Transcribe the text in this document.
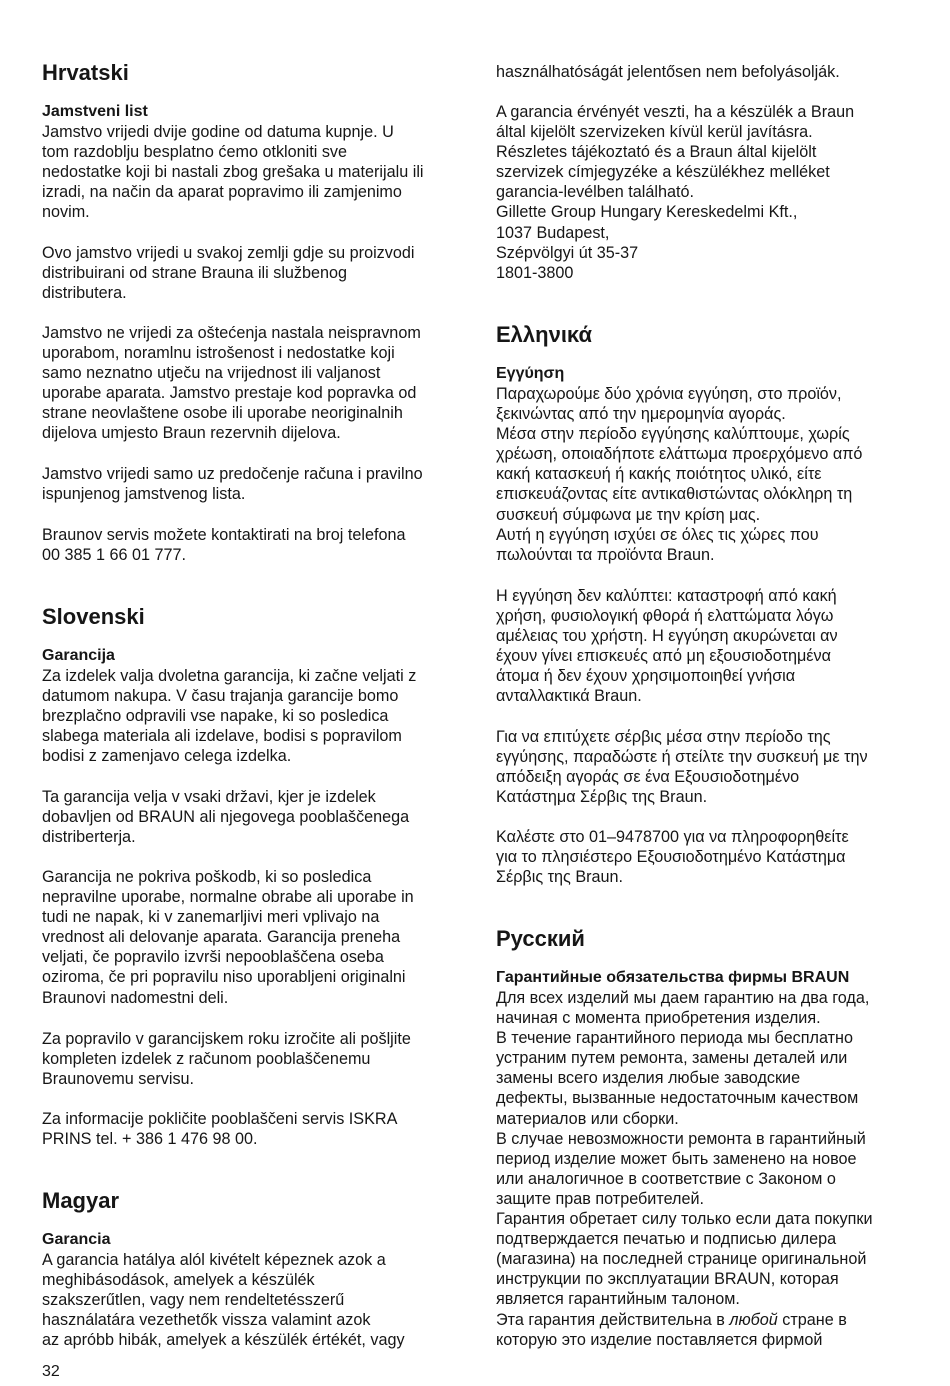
Hrvatski
Jamstveni list

Jamstvo vrijedi dvije godine od datuma kupnje. U
tom razdoblju besplatno ćemo otkloniti sve
nedostatke koji bi nastali zbog grešaka u materijalu ili
izradi, na način da aparat popravimo ili zamjenimo
novim.

Ovo jamstvo vrijedi u svakoj zemlji gdje su proizvodi
distribuirani od strane Brauna ili službenog
distributera.

Jamstvo ne vrijedi za oštećenja nastala neispravnom
uporabom, noramlnu istrošenost i nedostatke koji
samo neznatno utječu na vrijednost ili valjanost
uporabe aparata. Jamstvo prestaje kod popravka od
strane neovlaštene osobe ili uporabe neoriginalnih
dijelova umjesto Braun rezervnih dijelova.

Jamstvo vrijedi samo uz predočenje računa i pravilno
ispunjenog jamstvenog lista.

Braunov servis možete kontaktirati na broj telefona
00 385 1 66 01 777.

Slovenski
Garancija

Za izdelek valja dvoletna garancija, ki začne veljati z
datumom nakupa. V času trajanja garancije bomo
brezplačno odpravili vse napake, ki so posledica
slabega materiala ali izdelave, bodisi s popravilom
bodisi z zamenjavo celega izdelka.

Ta garancija velja v vsaki državi, kjer je izdelek
dobavljen od BRAUN ali njegovega pooblaščenega
distriberterja.

Garancija ne pokriva poškodb, ki so posledica
nepravilne uporabe, normalne obrabe ali uporabe in
tudi ne napak, ki v zanemarljivi meri vplivajo na
vrednost ali delovanje aparata. Garancija preneha
veljati, če popravilo izvrši nepooblaščena oseba
oziroma, če pri popravilu niso uporabljeni originalni
Braunovi nadomestni deli.

Za popravilo v garancijskem roku izročite ali pošljite
kompleten izdelek z računom pooblaščenemu
Braunovemu servisu.

Za informacije pokličite pooblaščeni servis ISKRA
PRINS tel. + 386 1 476 98 00.

Magyar
Garancia

A garancia hatálya alól kivételt képeznek azok a
meghibásodások, amelyek a készülék
szakszerűtlen, vagy nem rendeltetésszerű
használatára vezethetők vissza valamint azok
az apróbb hibák, amelyek a készülék értékét, vagy

használhatóságát jelentősen nem befolyásolják.

A garancia érvényét veszti, ha a készülék a Braun
által kijelölt szervizeken kívül kerül javításra.
Részletes tájékoztató és a Braun által kijelölt
szervizek címjegyzéke a készülékhez melléket
garancia-levélben található.
Gillette Group Hungary Kereskedelmi Kft.,
1037 Budapest,
Szépvölgyi út 35-37
1801-3800

Ελληνικά
Εγγύηση

Παραχωρούμε δύο χρόνια εγγύηση, στο προϊόν,
ξεκινώντας από την ημερομηνία αγοράς.
Μέσα στην περίοδο εγγύησης καλύπτουμε, χωρίς
χρέωση, οποιαδήποτε ελάττωμα προερχόμενο από
κακή κατασκευή ή κακής ποιότητος υλικό, είτε
επισκευάζοντας είτε αντικαθιστώντας ολόκληρη τη
συσκευή σύμφωνα με την κρίση μας.
Αυτή η εγγύηση ισχύει σε όλες τις χώρες που
πωλούνται τα προϊόντα Braun.

Η εγγύηση δεν καλύπτει: καταστροφή από κακή
χρήση, φυσιολογική φθορά ή ελαττώματα λόγω
αμέλειας του χρήστη. Η εγγύηση ακυρώνεται αν
έχουν γίνει επισκευές από μη εξουσιοδοτημένα
άτομα ή δεν έχουν χρησιμοποιηθεί γνήσια
ανταλλακτικά Braun.

Για να επιτύχετε σέρβις μέσα στην περίοδο της
εγγύησης, παραδώστε ή στείλτε την συσκευή με την
απόδειξη αγοράς σε ένα Εξουσιοδοτημένο
Κατάστημα Σέρβις της Braun.

Καλέστε στο 01–9478700 για να πληροφορηθείτε
για το πλησιέστερο Εξουσιοδοτημένο Κατάστημα
Σέρβις της Braun.

Русский
Гарантийные обязательства фирмы BRAUN

Для всех изделий мы даем гарантию на два года,
начиная с момента приобретения изделия.
В течение гарантийного периода мы бесплатно
устраним путем ремонта, замены деталей или
замены всего изделия любые заводские
дефекты, вызванные недостаточным качеством
материалов или сборки.
В случае невозможности ремонта в гарантийный
период изделие может быть заменено на новое
или аналогичное в соответствие с Законом о
защите прав потребителей.
Гарантия обретает силу только если дата покупки
подтверждается печатью и подписью дилера
(магазина) на последней странице оригинальной
инструкции по эксплуатации BRAUN, которая
является гарантийным талоном.

Эта гарантия действительна в любой стране в
которую это изделие поставляется фирмой

32
